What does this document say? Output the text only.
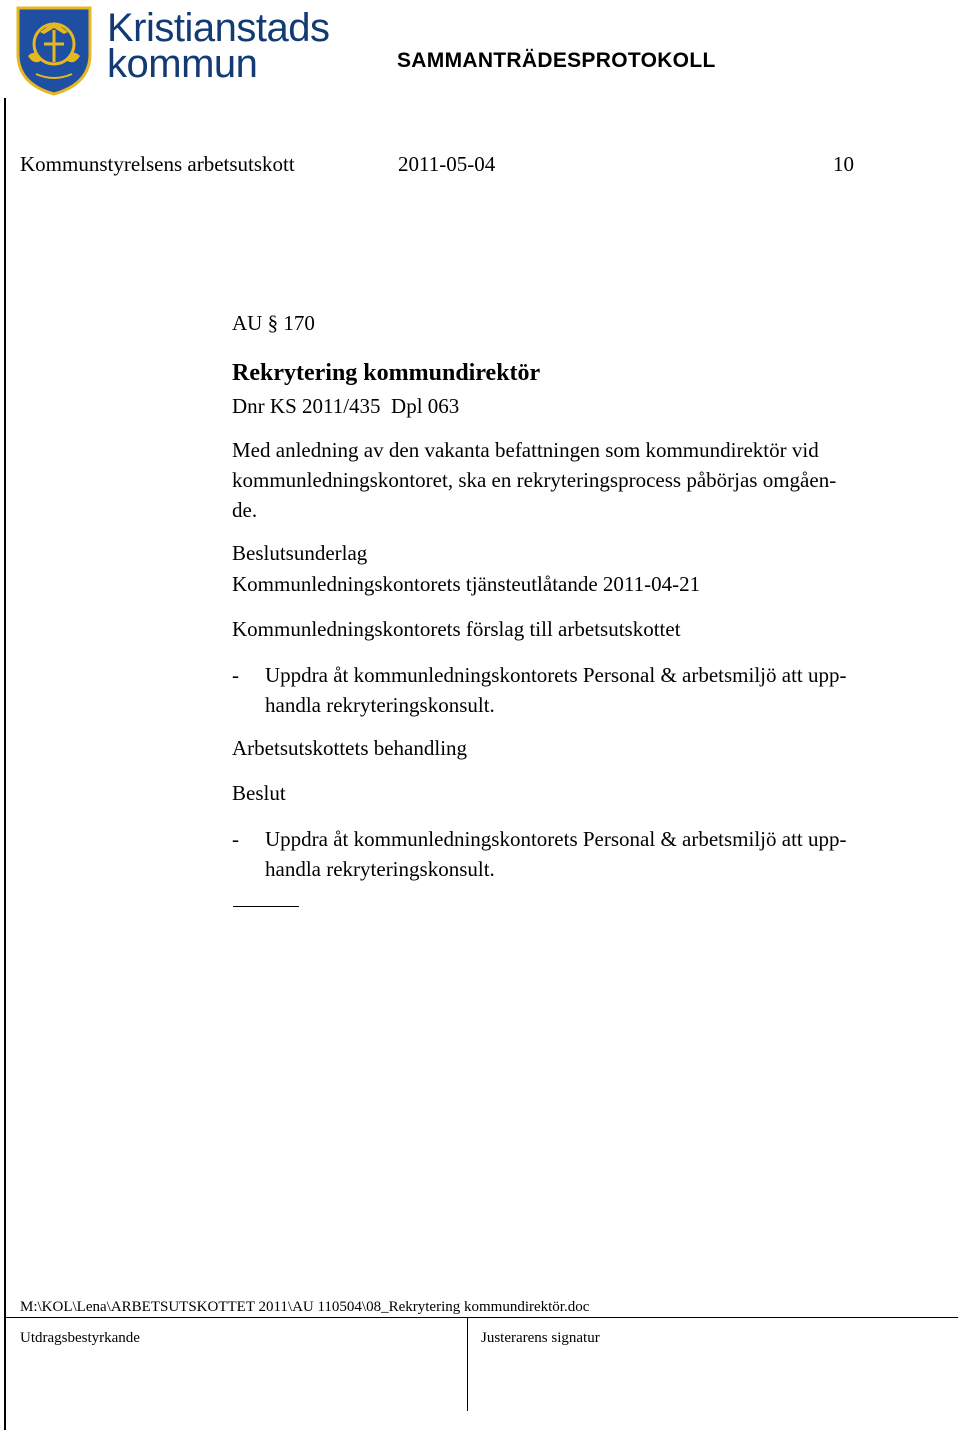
Kristianstads
kommun	SAMMANTRÄDESPROTOKOLL
Kommunstyrelsens arbetsutskott	2011-05-04	10
AU § 170
Rekrytering kommundirektör
Dnr KS 2011/435  Dpl 063
Med anledning av den vakanta befattningen som kommundirektör vid
kommunledningskontoret, ska en rekryteringsprocess påbörjas omgåen-
de.
Beslutsunderlag
Kommunledningskontorets tjänsteutlåtande 2011-04-21
Kommunledningskontorets förslag till arbetsutskottet
- Uppdra åt kommunledningskontorets Personal & arbetsmiljö att upp-
handla rekryteringskonsult.
Arbetsutskottets behandling
Beslut
- Uppdra åt kommunledningskontorets Personal & arbetsmiljö att upp-
handla rekryteringskonsult.
M:\KOL\Lena\ARBETSUTSKOTTET 2011\AU 110504\08_Rekrytering kommundirektör.doc
Utdragsbestyrkande	Justerarens signatur
